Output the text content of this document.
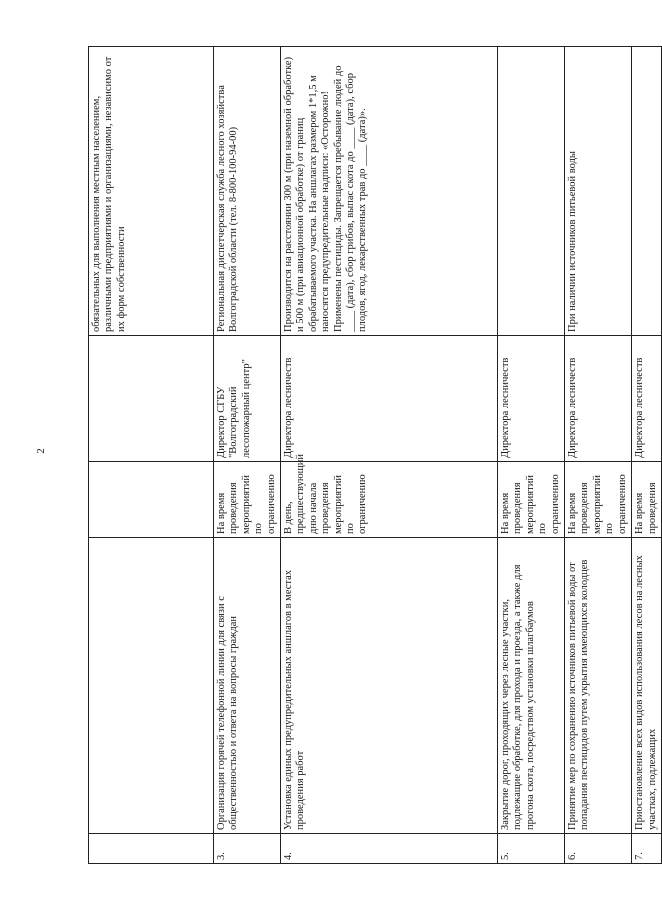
2
				обязательных для выполнения местным населением, различными предприятиями и организациями, независимо от их форм собственности
3.	Организация горячей телефонной линии для связи с общественностью и ответа на вопросы граждан	На время проведения мероприятий по ограничению	Директор СГБУ "Волгоградский лесопожарный центр"	Региональная диспетчерская служба лесного хозяйства Волгоградской области (тел. 8-800-100-94-00)
4.	Установка единых предупредительных аншлагов в местах проведения работ	В день, предшествующий дню начала проведения мероприятий по ограничению	Директора лесничеств	Производится на расстоянии 300 м (при наземной обработке) и 500 м (при авиационной обработке) от границ обрабатываемого участка. На аншлагах размером 1*1,5 м наносятся предупредительные надписи: «Осторожно! Применены пестициды. Запрещается пребывание людей до ____ (дата), сбор грибов, выпас скота до ____ (дата), сбор плодов, ягод, лекарственных трав до ____ (дата)».
5.	Закрытие дорог, проходящих через лесные участки, подлежащие обработке, для прохода и проезда, а также для прогона скота, посредством установки шлагбаумов	На время проведения мероприятий по ограничению	Директора лесничеств	
6.	Принятие мер по сохранению источников питьевой воды от попадания пестицидов путем укрытия имеющихся колодцев	На время проведения мероприятий по ограничению	Директора лесничеств	При наличии источников питьевой воды
7.	Приостановление всех видов использования лесов на лесных участках, подлежащих	На время проведения	Директора лесничеств	
